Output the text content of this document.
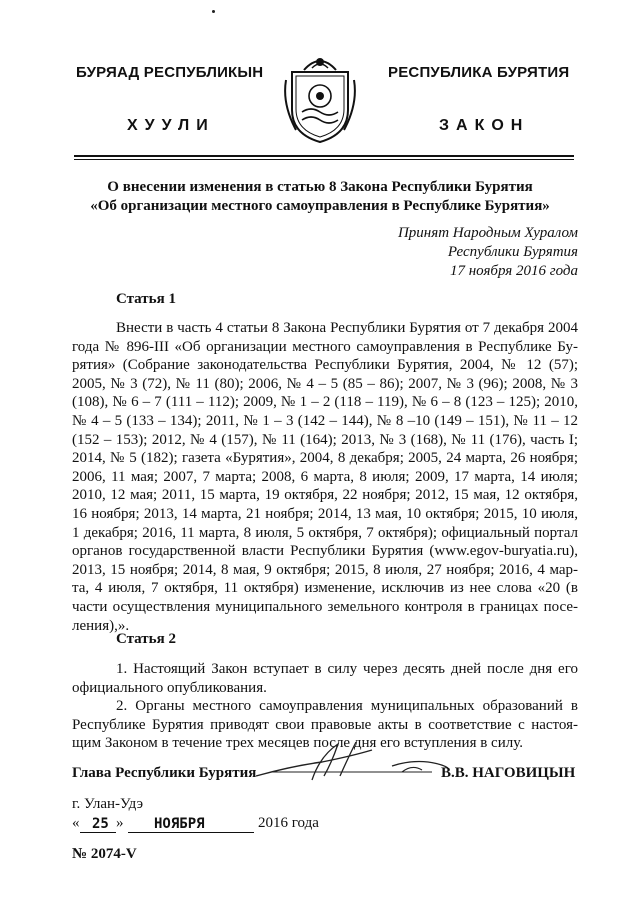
БУРЯАД РЕСПУБЛИКЫН	РЕСПУБЛИКА БУРЯТИЯ
ХУУЛИ	ЗАКОН
О внесении изменения в статью 8 Закона Республики Бурятия
«Об организации местного самоуправления в Республике Бурятия»
Принят Народным Хуралом
Республики Бурятия
17 ноября 2016 года
Статья 1
Внести в часть 4 статьи 8 Закона Республики Бурятия от 7 декабря 2004
года № 896-III «Об организации местного самоуправления в Республике Бу-
рятия» (Собрание законодательства Республики Бурятия, 2004, № 12 (57);
2005, № 3 (72), № 11 (80); 2006, № 4 – 5 (85 – 86); 2007, № 3 (96); 2008, № 3
(108), № 6 – 7 (111 – 112); 2009, № 1 – 2 (118 – 119), № 6 – 8 (123 – 125); 2010,
№ 4 – 5 (133 – 134); 2011, № 1 – 3 (142 – 144), № 8 –10 (149 – 151), № 11 – 12
(152 – 153); 2012, № 4 (157), № 11 (164); 2013, № 3 (168), № 11 (176), часть I;
2014, № 5 (182); газета «Бурятия», 2004, 8 декабря; 2005, 24 марта, 26 ноября;
2006, 11 мая; 2007, 7 марта; 2008, 6 марта, 8 июля; 2009, 17 марта, 14 июля;
2010, 12 мая; 2011, 15 марта, 19 октября, 22 ноября; 2012, 15 мая, 12 октября,
16 ноября; 2013, 14 марта, 21 ноября; 2014, 13 мая, 10 октября; 2015, 10 июля,
1 декабря; 2016, 11 марта, 8 июля, 5 октября, 7 октября); официальный портал
органов государственной власти Республики Бурятия (www.egov-buryatia.ru),
2013, 15 ноября; 2014, 8 мая, 9 октября; 2015, 8 июля, 27 ноября; 2016, 4 мар-
та, 4 июля, 7 октября, 11 октября) изменение, исключив из нее слова «20 (в
части осуществления муниципального земельного контроля в границах посе-
ления),».
Статья 2
1. Настоящий Закон вступает в силу через десять дней после дня его
официального опубликования.
2. Органы местного самоуправления муниципальных образований в
Республике Бурятия приводят свои правовые акты в соответствие с настоя-
щим Законом в течение трех месяцев после дня его вступления в силу.
Глава Республики Бурятия	В.В. НАГОВИЦЫН
г. Улан-Удэ
« 25 » НОЯБРЯ	2016 года
№ 2074-V
